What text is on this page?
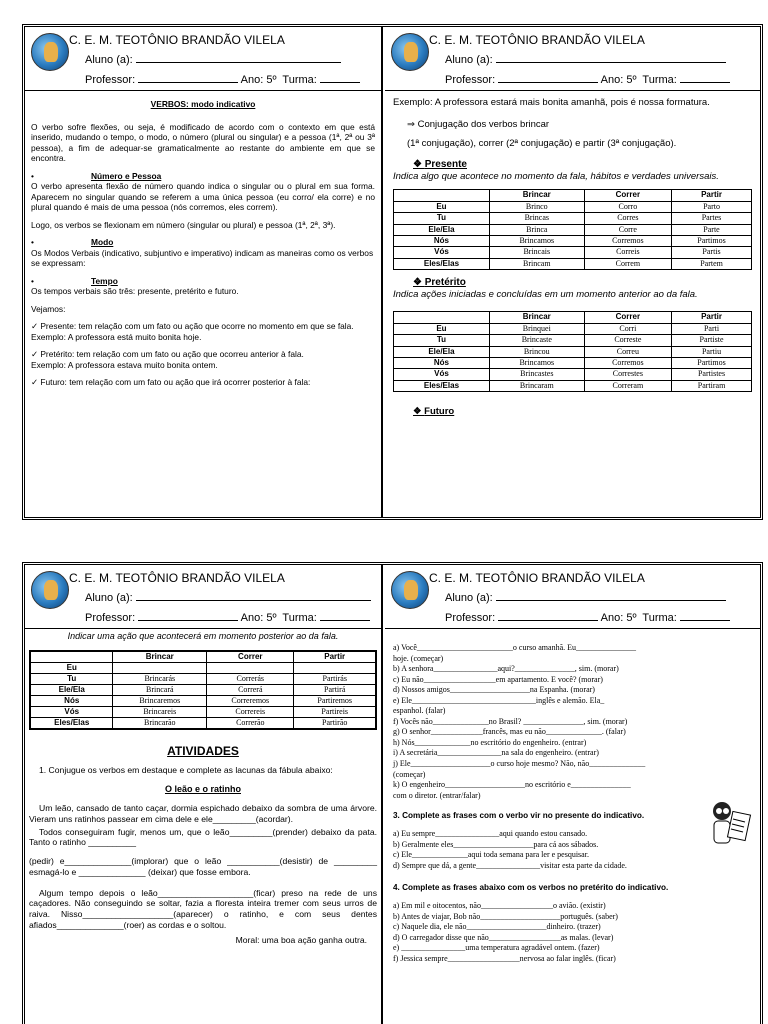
C. E. M. TEOTÔNIO BRANDÃO VILELA
Aluno (a):
Professor:	Ano: 5º Turma:

VERBOS: modo indicativo

O verbo sofre flexões, ou seja, é modificado de acordo com o contexto em que está inserido, mudando o tempo, o modo, o número (plural ou singular) e a pessoa (1ª, 2ª ou 3ª pessoa), a fim de adequar-se gramaticalmente ao restante do ambiente em que se encontra.

•	Número e Pessoa

O verbo apresenta flexão de número quando indica o singular ou o plural em sua forma. Aparecem no singular quando se referem a uma única pessoa (eu corro/ ela corre) e no plural quando é mais de uma pessoa (nós corremos, eles correm).

Logo, os verbos se flexionam em número (singular ou plural) e pessoa (1ª, 2ª, 3ª).

•	Modo

Os Modos Verbais (indicativo, subjuntivo e imperativo) indicam as maneiras como os verbos se expressam:

•	Tempo

Os tempos verbais são três: presente, pretérito e futuro.

Vejamos:

✓ Presente: tem relação com um fato ou ação que ocorre no momento em que se fala.

Exemplo: A professora está muito bonita hoje.

✓ Pretérito: tem relação com um fato ou ação que ocorreu anterior à fala.

Exemplo: A professora estava muito bonita ontem.

✓ Futuro: tem relação com um fato ou ação que irá ocorrer posterior à fala:
C. E. M. TEOTÔNIO BRANDÃO VILELA
Aluno (a):
Professor:	Ano: 5º Turma:

Exemplo: A professora estará mais bonita amanhã, pois é nossa formatura.

⇒ Conjugação dos verbos brincar

(1ª conjugação), correr (2ª conjugação) e partir (3ª conjugação).

❖ Presente

Indica algo que acontece no momento da fala, hábitos e verdades universais.

	Brincar	Correr	Partir
Eu	Brinco	Corro	Parto
Tu	Brincas	Corres	Partes
Ele/Ela	Brinca	Corre	Parte
Nós	Brincamos	Corremos	Partimos
Vós	Brincais	Correis	Partis
Eles/Elas	Brincam	Correm	Partem
❖ Pretérito

Indica ações iniciadas e concluídas em um momento anterior ao da fala.

	Brincar	Correr	Partir
Eu	Brinquei	Corri	Parti
Tu	Brincaste	Correste	Partiste
Ele/Ela	Brincou	Correu	Partiu
Nós	Brincamos	Corremos	Partimos
Vós	Brincastes	Correstes	Partistes
Eles/Elas	Brincaram	Correram	Partiram
❖ Futuro
C. E. M. TEOTÔNIO BRANDÃO VILELA
Aluno (a):
Professor:	Ano: 5º Turma:

Indicar uma ação que acontecerá em momento posterior ao da fala.

	Brincar	Correr	Partir
Eu			
Tu	Brincarás	Correrás	Partirás
Ele/Ela	Brincará	Correrá	Partirá
Nós	Brincaremos	Correremos	Partiremos
Vós	Brincareis	Correreis	Partireis
Eles/Elas	Brincarão	Correrão	Partirão

ATIVIDADES

1. Conjugue os verbos em destaque e complete as lacunas da fábula abaixo:

O leão e o ratinho

Um leão, cansado de tanto caçar, dormia espichado debaixo da sombra de uma árvore. Vieram uns ratinhos passear em cima dele e ele_________(acordar).

Todos conseguiram fugir, menos um, que o leão_________(prender) debaixo da pata. Tanto o ratinho __________

(pedir) e______________(implorar) que o leão ___________(desistir) de _________ esmagá-lo e ______________ (deixar) que fosse embora.

Algum tempo depois o leão____________________(ficar) preso na rede de uns caçadores. Não conseguindo se soltar, fazia a floresta inteira tremer com seus urros de raiva. Nisso___________________(aparecer) o ratinho, e com seus dentes afiados______________(roer) as cordas e o soltou.

Moral: uma boa ação ganha outra.

C. E. M. TEOTÔNIO BRANDÃO VILELA
Aluno (a):
Professor:	Ano: 5º Turma:
a) Você________________________o curso amanhã. Eu_______________
hoje. (começar)
b) A senhora________________aqui?_______________, sim. (morar)
c) Eu não__________________em apartamento. E você? (morar)
d) Nossos amigos____________________na Espanha. (morar)
e) Ele_______________________________inglês e alemão. Ela_
espanhol. (falar)
f) Vocês não______________no Brasil? _______________, sim. (morar)
g) O senhor_____________francês, mas eu não______________. (falar)
h) Nós______________no escritório do engenheiro. (entrar)
i) A secretária________________na sala do engenheiro. (entrar)
j) Ele____________________o curso hoje mesmo? Não, não______________
(começar)
k) O engenheiro____________________no escritório e_______________
com o diretor. (entrar/falar)

3. Complete as frases com o verbo vir no presente do indicativo.

a) Eu sempre________________aqui quando estou cansado.
b) Geralmente eles____________________para cá aos sábados.
c) Ele______________aqui toda semana para ler e pesquisar.
d) Sempre que dá, a gente________________visitar esta parte da cidade.

4. Complete as frases abaixo com os verbos no pretérito do indicativo.

a) Em mil e oitocentos, não__________________o avião. (existir)
b) Antes de viajar, Bob não____________________português. (saber)
c) Naquele dia, ele não____________________dinheiro. (trazer)
d) O carregador disse que não__________________as malas. (levar)
e) ________________uma temperatura agradável ontem. (fazer)
f) Jessica sempre__________________nervosa ao falar inglês. (ficar)
